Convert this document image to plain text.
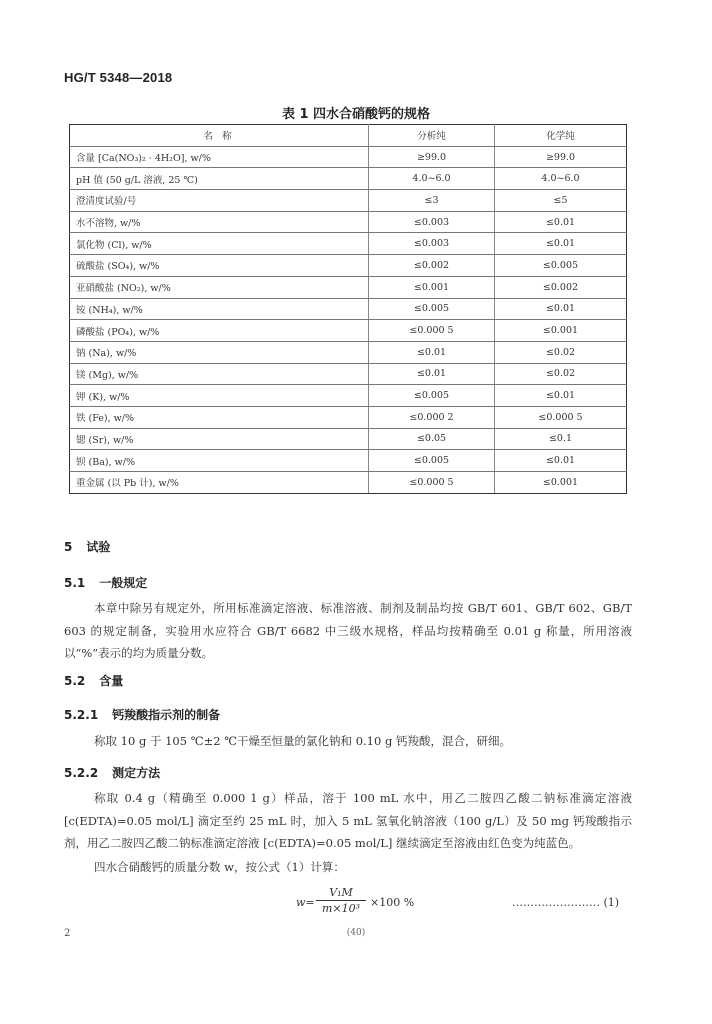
HG/T 5348—2018
表 1 四水合硝酸钙的规格
名 称	分析纯	化学纯
含量 [Ca(NO₃)₂ · 4H₂O], w/%	≥99.0	≥99.0
pH 值 (50 g/L 溶液, 25 ℃)	4.0~6.0	4.0~6.0
澄清度试验/号	≤3	≤5
水不溶物, w/%	≤0.003	≤0.01
氯化物 (Cl), w/%	≤0.003	≤0.01
硫酸盐 (SO₄), w/%	≤0.002	≤0.005
亚硝酸盐 (NO₂), w/%	≤0.001	≤0.002
铵 (NH₄), w/%	≤0.005	≤0.01
磷酸盐 (PO₄), w/%	≤0.000 5	≤0.001
钠 (Na), w/%	≤0.01	≤0.02
镁 (Mg), w/%	≤0.01	≤0.02
钾 (K), w/%	≤0.005	≤0.01
铁 (Fe), w/%	≤0.000 2	≤0.000 5
锶 (Sr), w/%	≤0.05	≤0.1
钡 (Ba), w/%	≤0.005	≤0.01
重金属 (以 Pb 计), w/%	≤0.000 5	≤0.001
5 试验
5.1 一般规定
本章中除另有规定外，所用标准滴定溶液、标准溶液、制剂及制品均按 GB/T 601、GB/T 602、GB/T 603 的规定制备，实验用水应符合 GB/T 6682 中三级水规格，样品均按精确至 0.01 g 称量，所用溶液以“%”表示的均为质量分数。
5.2 含量
5.2.1 钙羧酸指示剂的制备
称取 10 g 于 105 ℃±2 ℃干燥至恒量的氯化钠和 0.10 g 钙羧酸，混合，研细。
5.2.2 测定方法
称取 0.4 g（精确至 0.000 1 g）样品，溶于 100 mL 水中，用乙二胺四乙酸二钠标准滴定溶液 [c(EDTA)=0.05 mol/L] 滴定至约 25 mL 时，加入 5 mL 氢氧化钠溶液（100 g/L）及 50 mg 钙羧酸指示剂，用乙二胺四乙酸二钠标准滴定溶液 [c(EDTA)=0.05 mol/L] 继续滴定至溶液由红色变为纯蓝色。
四水合硝酸钙的质量分数 w，按公式（1）计算：
$w= \frac{\text{V₁M}}{\text{m×10³}} \times 100$ %	…………………… (1)
2	(40)
